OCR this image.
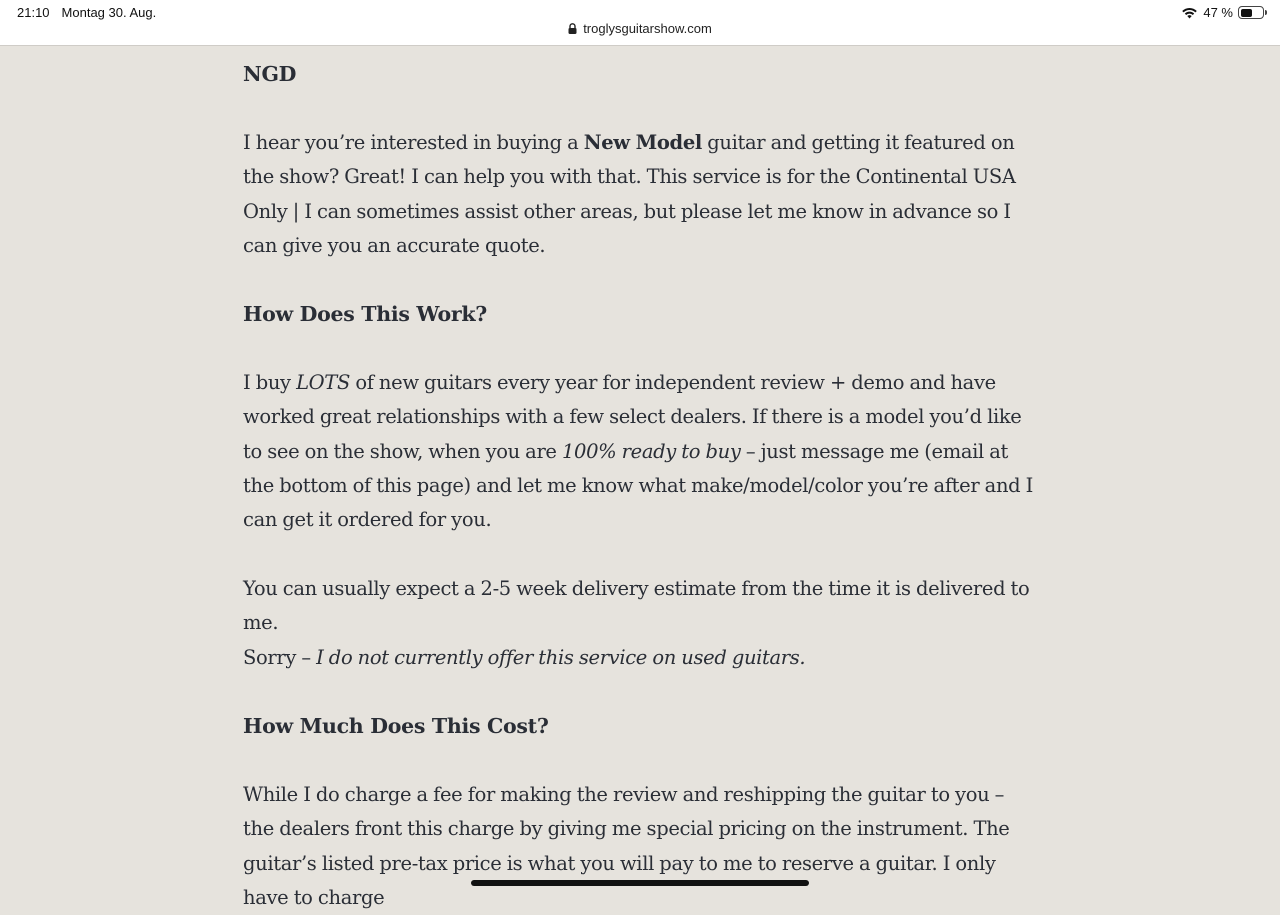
21:10 Montag 30. Aug.	47 %
troglysguitarshow.com
NGD

I hear you’re interested in buying a New Model guitar and getting it featured on the show? Great! I can help you with that. This service is for the Continental USA Only | I can sometimes assist other areas, but please let me know in advance so I can give you an accurate quote.

How Does This Work?

I buy LOTS of new guitars every year for independent review + demo and have worked great relationships with a few select dealers. If there is a model you’d like to see on the show, when you are 100% ready to buy – just message me (email at the bottom of this page) and let me know what make/model/color you’re after and I can get it ordered for you.

You can usually expect a 2-5 week delivery estimate from the time it is delivered to me.

Sorry – I do not currently offer this service on used guitars.

How Much Does This Cost?

While I do charge a fee for making the review and reshipping the guitar to you – the dealers front this charge by giving me special pricing on the instrument. The guitar’s listed pre-tax price is what you will pay to me to reserve a guitar. I only have to charge
